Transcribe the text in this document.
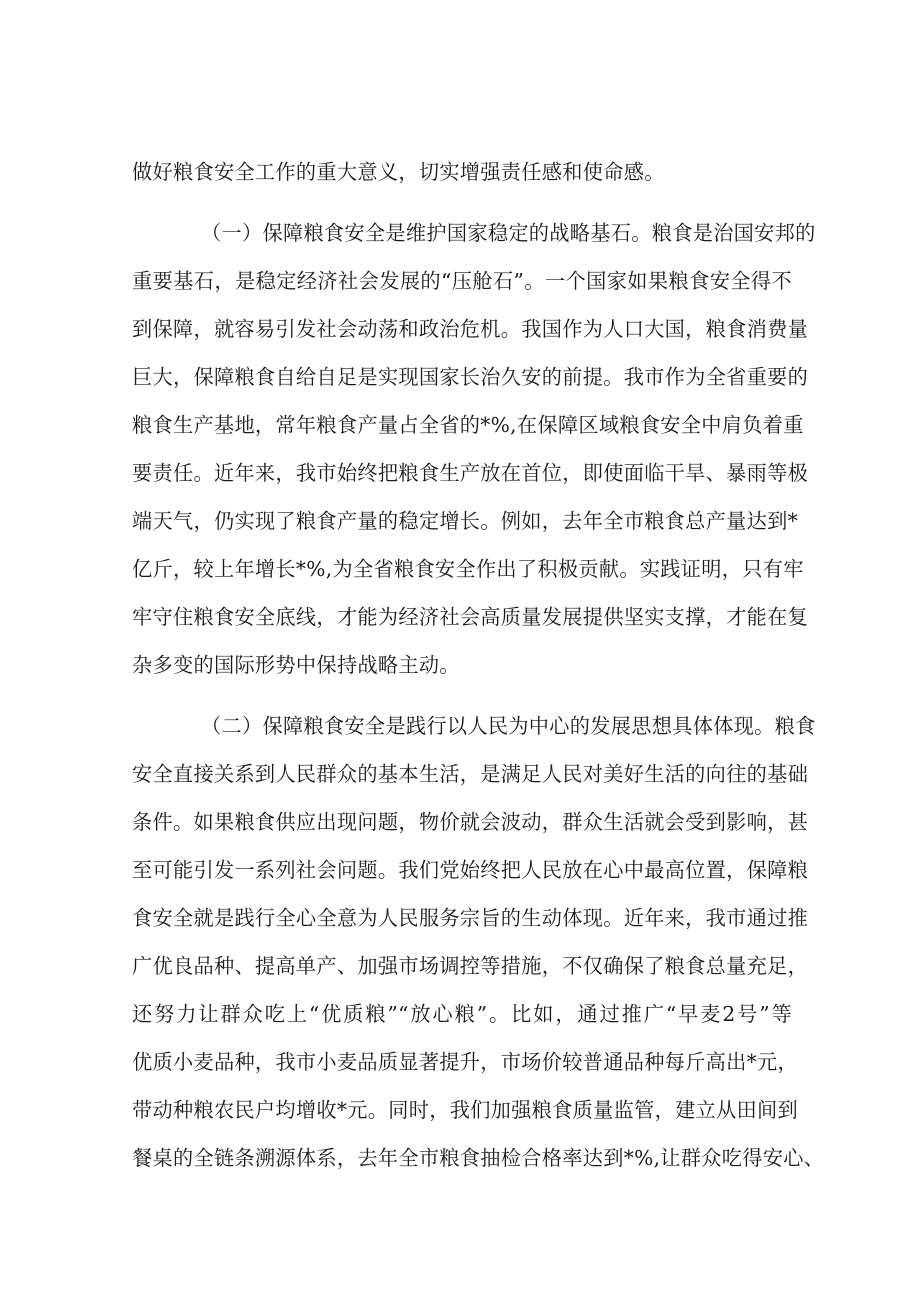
做好粮食安全工作的重大意义，切实增强责任感和使命感。
（一）保障粮食安全是维护国家稳定的战略基石。粮食是治国安邦的
重要基石，是稳定经济社会发展的“压舱石”。一个国家如果粮食安全得不
到保障，就容易引发社会动荡和政治危机。我国作为人口大国，粮食消费量
巨大，保障粮食自给自足是实现国家长治久安的前提。我市作为全省重要的
粮食生产基地，常年粮食产量占全省的*%,在保障区域粮食安全中肩负着重
要责任。近年来，我市始终把粮食生产放在首位，即使面临干旱、暴雨等极
端天气，仍实现了粮食产量的稳定增长。例如，去年全市粮食总产量达到*
亿斤，较上年增长*%,为全省粮食安全作出了积极贡献。实践证明，只有牢
牢守住粮食安全底线，才能为经济社会高质量发展提供坚实支撑，才能在复
杂多变的国际形势中保持战略主动。
（二）保障粮食安全是践行以人民为中心的发展思想具体体现。粮食
安全直接关系到人民群众的基本生活，是满足人民对美好生活的向往的基础
条件。如果粮食供应出现问题，物价就会波动，群众生活就会受到影响，甚
至可能引发一系列社会问题。我们党始终把人民放在心中最高位置，保障粮
食安全就是践行全心全意为人民服务宗旨的生动体现。近年来，我市通过推
广优良品种、提高单产、加强市场调控等措施，不仅确保了粮食总量充足，
还努力让群众吃上“优质粮”“放心粮”。比如，通过推广“早麦2号”等
优质小麦品种，我市小麦品质显著提升，市场价较普通品种每斤高出*元，
带动种粮农民户均增收*元。同时，我们加强粮食质量监管，建立从田间到
餐桌的全链条溯源体系，去年全市粮食抽检合格率达到*%,让群众吃得安心、
